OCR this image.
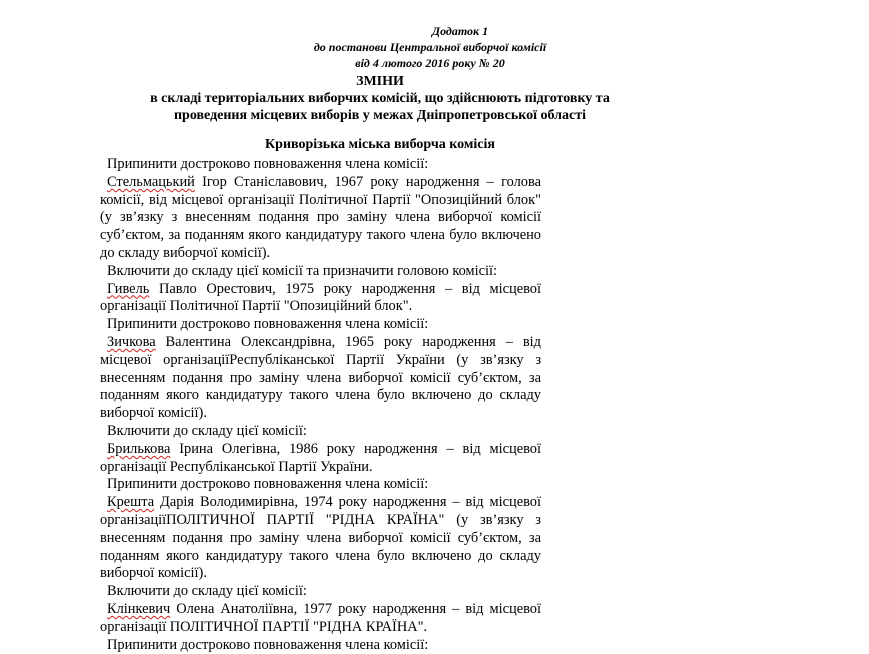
Додаток 1
до постанови Центральної виборчої комісії
від 4 лютого 2016 року № 20
ЗМІНИ
в складі територіальних виборчих комісій, що здійснюють підготовку та
проведення місцевих виборів у межах Дніпропетровської області
Криворізька міська виборча комісія

Припинити достроково повноваження члена комісії:

Стельмацький Ігор Станіславович, 1967 року народження – голова комісії, від місцевої організації Політичної Партії "Опозиційний блок" (у зв’язку з внесенням подання про заміну члена виборчої комісії суб’єктом, за поданням якого кандидатуру такого члена було включено до складу виборчої комісії).

Включити до складу цієї комісії та призначити головою комісії:

Гивель Павло Орестович, 1975 року народження – від місцевої організації Політичної Партії "Опозиційний блок".

Припинити достроково повноваження члена комісії:

Зичкова Валентина Олександрівна, 1965 року народження – від місцевої організаціїРеспубліканської Партії України (у зв’язку з внесенням подання про заміну члена виборчої комісії суб’єктом, за поданням якого кандидатуру такого члена було включено до складу виборчої комісії).

Включити до складу цієї комісії:

Брилькова Ірина Олегівна, 1986 року народження – від місцевої організації Республіканської Партії України.

Припинити достроково повноваження члена комісії:

Крешта Дарія Володимирівна, 1974 року народження – від місцевої організаціїПОЛІТИЧНОЇ ПАРТІЇ "РІДНА КРАЇНА" (у зв’язку з внесенням подання про заміну члена виборчої комісії суб’єктом, за поданням якого кандидатуру такого члена було включено до складу виборчої комісії).

Включити до складу цієї комісії:

Клінкевич Олена Анатоліївна, 1977 року народження – від місцевої організації ПОЛІТИЧНОЇ ПАРТІЇ "РІДНА КРАЇНА".

Припинити достроково повноваження члена комісії:
